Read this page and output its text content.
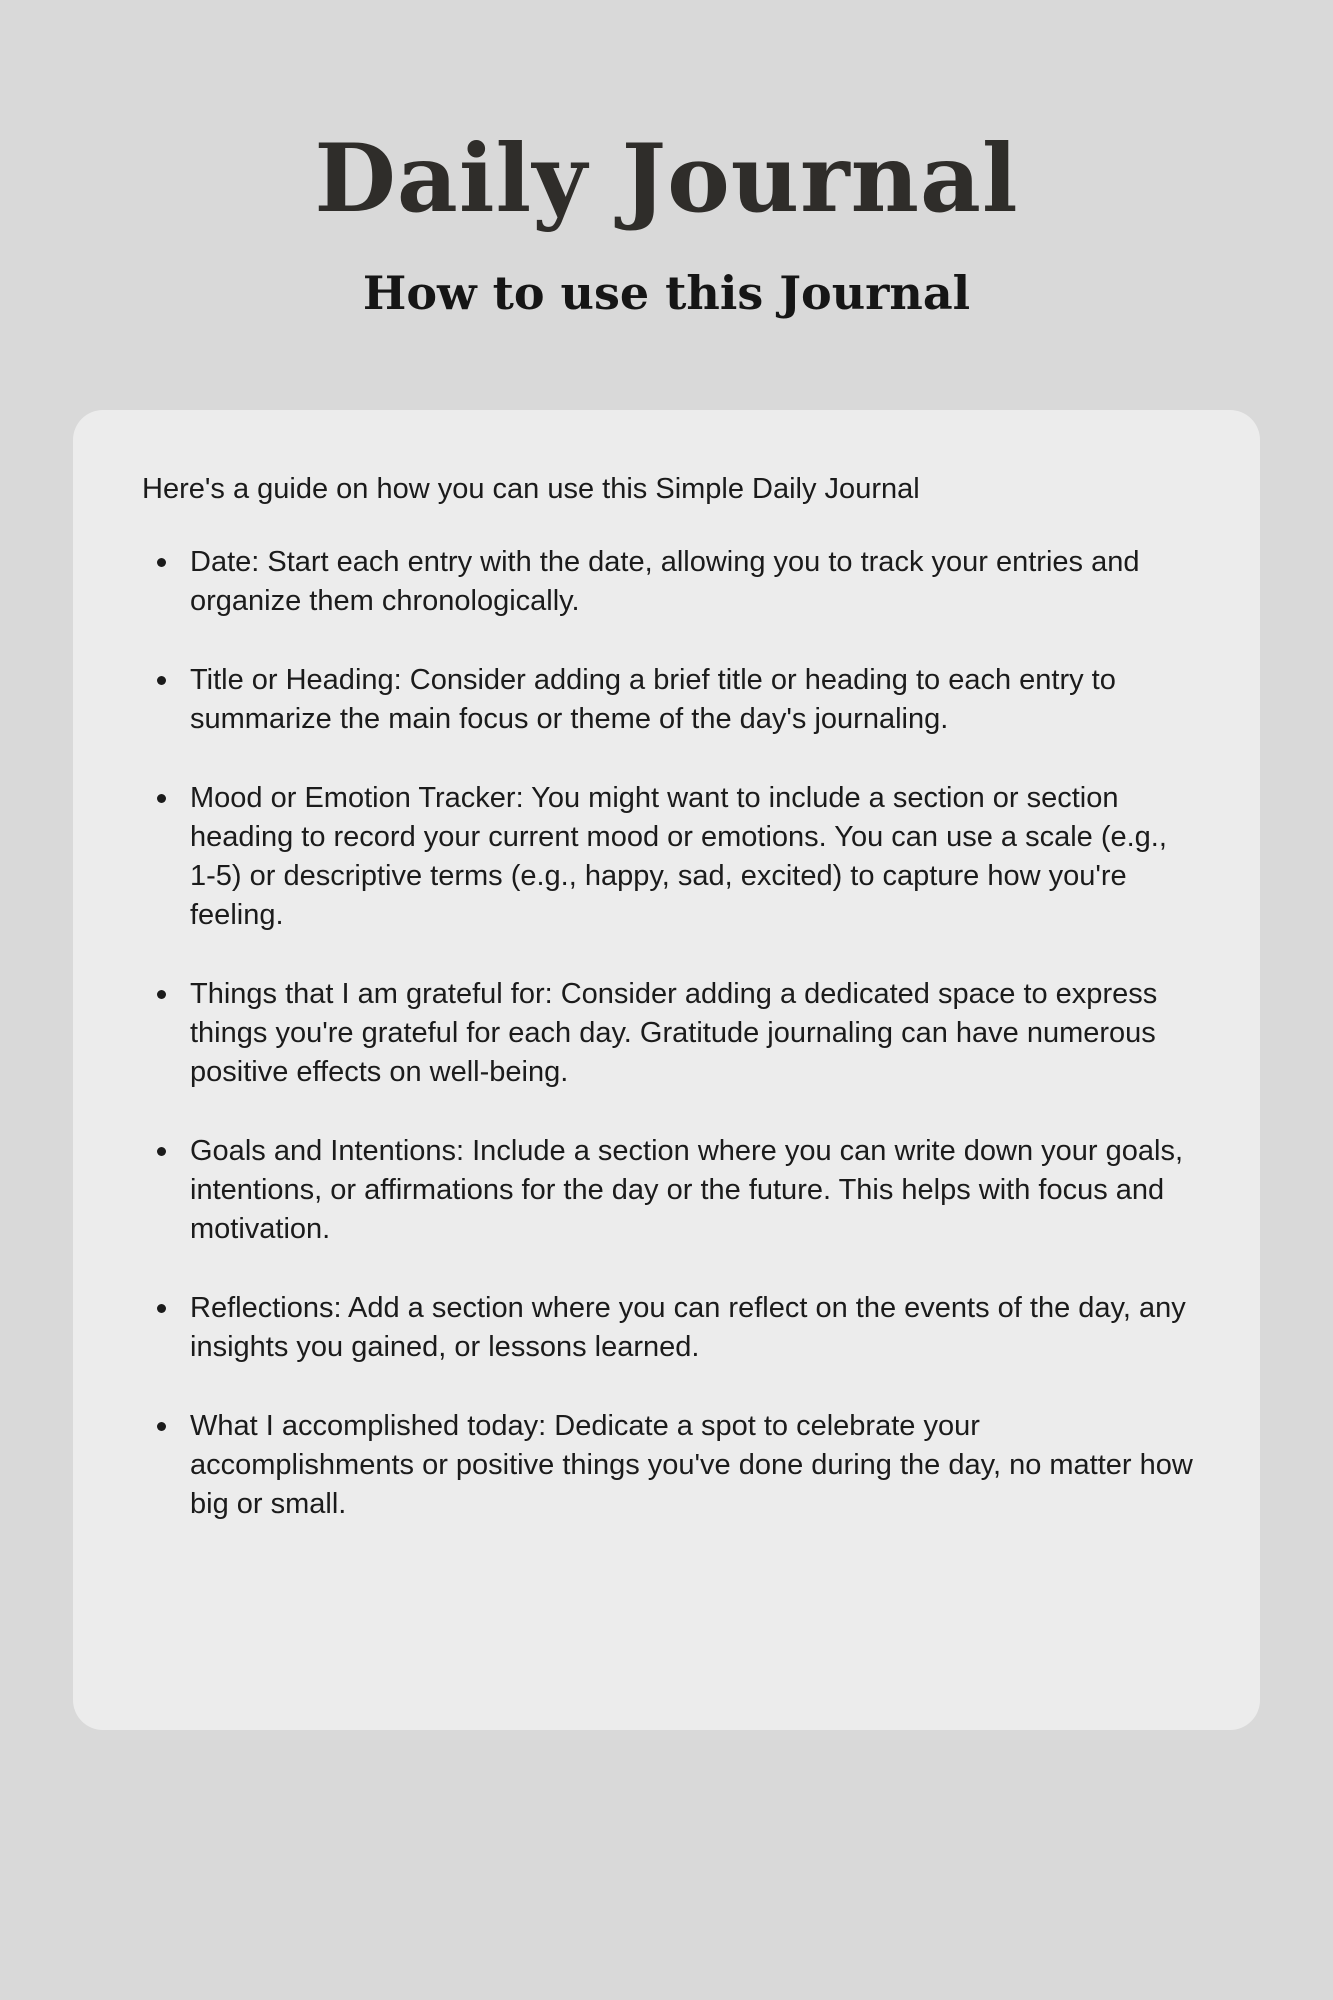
Daily Journal
How to use this Journal

Here's a guide on how you can use this Simple Daily Journal

Date: Start each entry with the date, allowing you to track your entries and organize them chronologically.
Title or Heading: Consider adding a brief title or heading to each entry to summarize the main focus or theme of the day's journaling.
Mood or Emotion Tracker: You might want to include a section or section heading to record your current mood or emotions. You can use a scale (e.g., 1-5) or descriptive terms (e.g., happy, sad, excited) to capture how you're feeling.
Things that I am grateful for: Consider adding a dedicated space to express things you're grateful for each day. Gratitude journaling can have numerous positive effects on well-being.
Goals and Intentions: Include a section where you can write down your goals, intentions, or affirmations for the day or the future. This helps with focus and motivation.
Reflections: Add a section where you can reflect on the events of the day, any insights you gained, or lessons learned.
What I accomplished today: Dedicate a spot to celebrate your accomplishments or positive things you've done during the day, no matter how big or small.
